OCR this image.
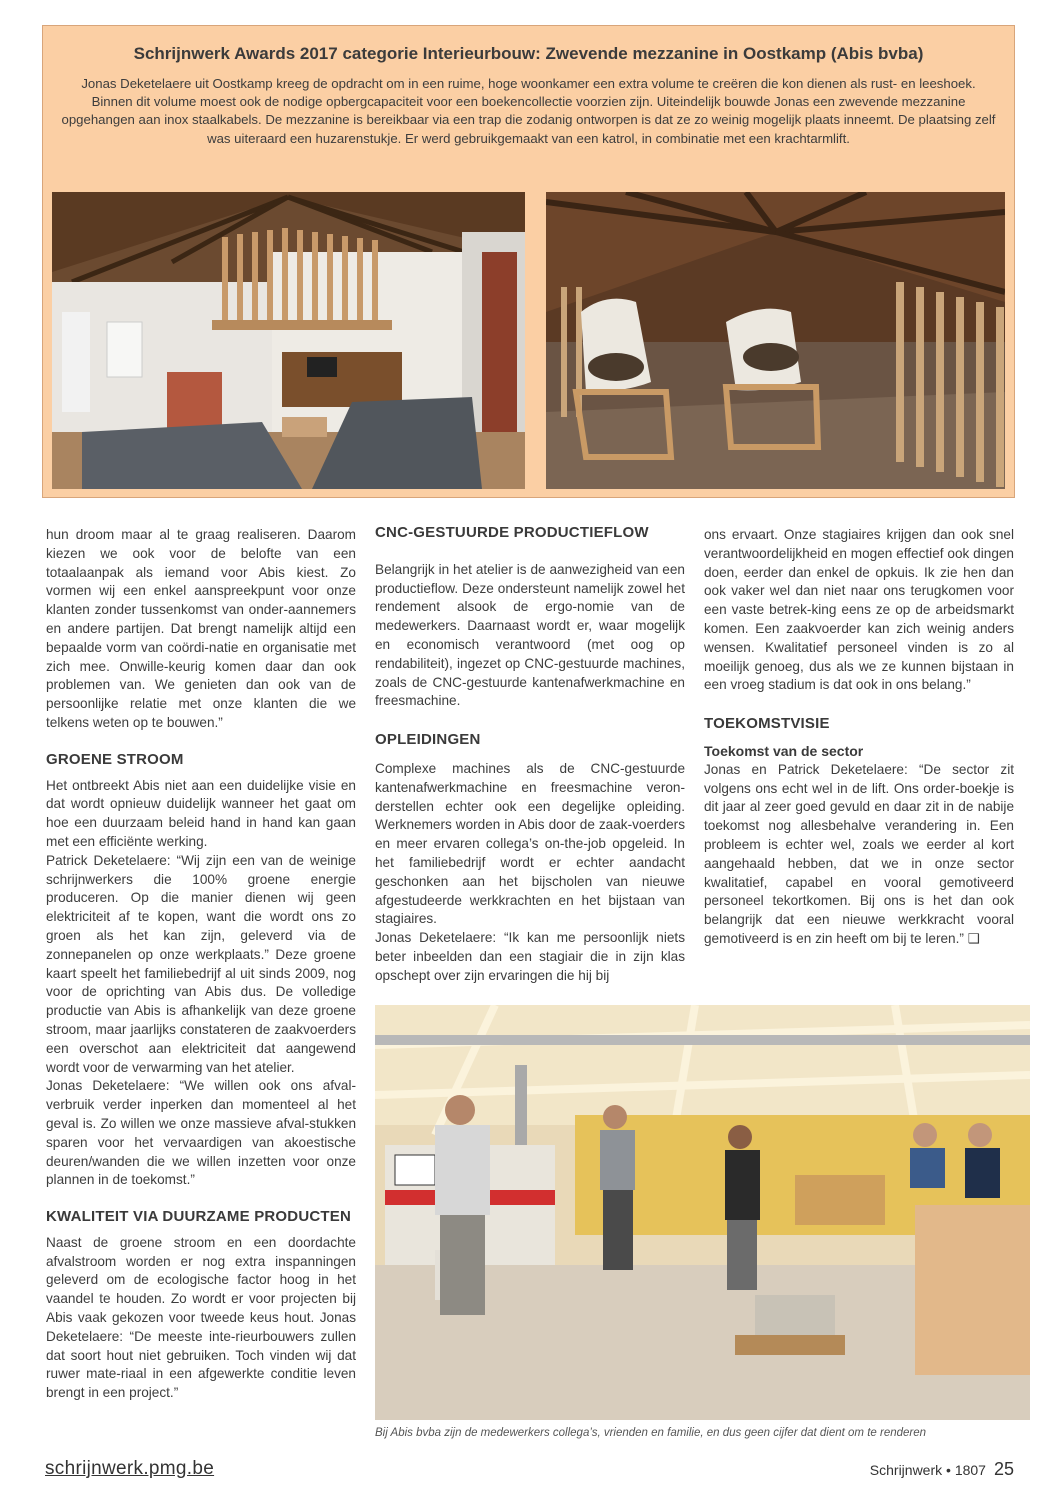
Schrijnwerk Awards 2017 categorie Interieurbouw: Zwevende mezzanine in Oostkamp (Abis bvba)
Jonas Deketelaere uit Oostkamp kreeg de opdracht om in een ruime, hoge woonkamer een extra volume te creëren die kon dienen als rust- en leeshoek. Binnen dit volume moest ook de nodige opbergcapaciteit voor een boekencollectie voorzien zijn. Uiteindelijk bouwde Jonas een zwevende mezzanine opgehangen aan inox staalkabels. De mezzanine is bereikbaar via een trap die zodanig ontworpen is dat ze zo weinig mogelijk plaats inneemt. De plaatsing zelf was uiteraard een huzarenstukje. Er werd gebruikgemaakt van een katrol, in combinatie met een krachtarmlift.

hun droom maar al te graag realiseren. Daarom kiezen we ook voor de belofte van een totaalaanpak als iemand voor Abis kiest. Zo vormen wij een enkel aanspreekpunt voor onze klanten zonder tussenkomst van onder-aannemers en andere partijen. Dat brengt namelijk altijd een bepaalde vorm van coördi-natie en organisatie met zich mee. Onwille-keurig komen daar dan ook problemen van. We genieten dan ook van de persoonlijke relatie met onze klanten die we telkens weten op te bouwen.”

GROENE STROOM

Het ontbreekt Abis niet aan een duidelijke visie en dat wordt opnieuw duidelijk wanneer het gaat om hoe een duurzaam beleid hand in hand kan gaan met een efficiënte werking.

Patrick Deketelaere: “Wij zijn een van de weinige schrijnwerkers die 100% groene energie produceren. Op die manier dienen wij geen elektriciteit af te kopen, want die wordt ons zo groen als het kan zijn, geleverd via de zonnepanelen op onze werkplaats.” Deze groene kaart speelt het familiebedrijf al uit sinds 2009, nog voor de oprichting van Abis dus. De volledige productie van Abis is afhankelijk van deze groene stroom, maar jaarlijks constateren de zaakvoerders een overschot aan elektriciteit dat aangewend wordt voor de verwarming van het atelier.

Jonas Deketelaere: “We willen ook ons afval-verbruik verder inperken dan momenteel al het geval is. Zo willen we onze massieve afval-stukken sparen voor het vervaardigen van akoestische deuren/wanden die we willen inzetten voor onze plannen in de toekomst.”

KWALITEIT VIA DUURZAME PRODUCTEN

Naast de groene stroom en een doordachte afvalstroom worden er nog extra inspanningen geleverd om de ecologische factor hoog in het vaandel te houden. Zo wordt er voor projecten bij Abis vaak gekozen voor tweede keus hout. Jonas Deketelaere: “De meeste inte-rieurbouwers zullen dat soort hout niet gebruiken. Toch vinden wij dat ruwer mate-riaal in een afgewerkte conditie leven brengt in een project.”

CNC-GESTUURDE PRODUCTIEFLOW

Belangrijk in het atelier is de aanwezigheid van een productieflow. Deze ondersteunt namelijk zowel het rendement alsook de ergo-nomie van de medewerkers. Daarnaast wordt er, waar mogelijk en economisch verantwoord (met oog op rendabiliteit), ingezet op CNC-gestuurde machines, zoals de CNC-gestuurde kantenafwerkmachine en freesmachine.

OPLEIDINGEN

Complexe machines als de CNC-gestuurde kantenafwerkmachine en freesmachine veron-derstellen echter ook een degelijke opleiding. Werknemers worden in Abis door de zaak-voerders en meer ervaren collega’s on-the-job opgeleid. In het familiebedrijf wordt er echter aandacht geschonken aan het bijscholen van nieuwe afgestudeerde werkkrachten en het bijstaan van stagiaires.

Jonas Deketelaere: “Ik kan me persoonlijk niets beter inbeelden dan een stagiair die in zijn klas opschept over zijn ervaringen die hij bij

ons ervaart. Onze stagiaires krijgen dan ook snel verantwoordelijkheid en mogen effectief ook dingen doen, eerder dan enkel de opkuis. Ik zie hen dan ook vaker wel dan niet naar ons terugkomen voor een vaste betrek-king eens ze op de arbeidsmarkt komen. Een zaakvoerder kan zich weinig anders wensen. Kwalitatief personeel vinden is zo al moeilijk genoeg, dus als we ze kunnen bijstaan in een vroeg stadium is dat ook in ons belang.”

TOEKOMSTVISIE
Toekomst van de sector

Jonas en Patrick Deketelaere: “De sector zit volgens ons echt wel in de lift. Ons order-boekje is dit jaar al zeer goed gevuld en daar zit in de nabije toekomst nog allesbehalve verandering in. Een probleem is echter wel, zoals we eerder al kort aangehaald hebben, dat we in onze sector kwalitatief, capabel en vooral gemotiveerd personeel tekortkomen. Bij ons is het dan ook belangrijk dat een nieuwe werkkracht vooral gemotiveerd is en zin heeft om bij te leren.” ❑

Bij Abis bvba zijn de medewerkers collega’s, vrienden en familie, en dus geen cijfer dat dient om te renderen
schrijnwerk.pmg.be	Schrijnwerk • 1807 25
